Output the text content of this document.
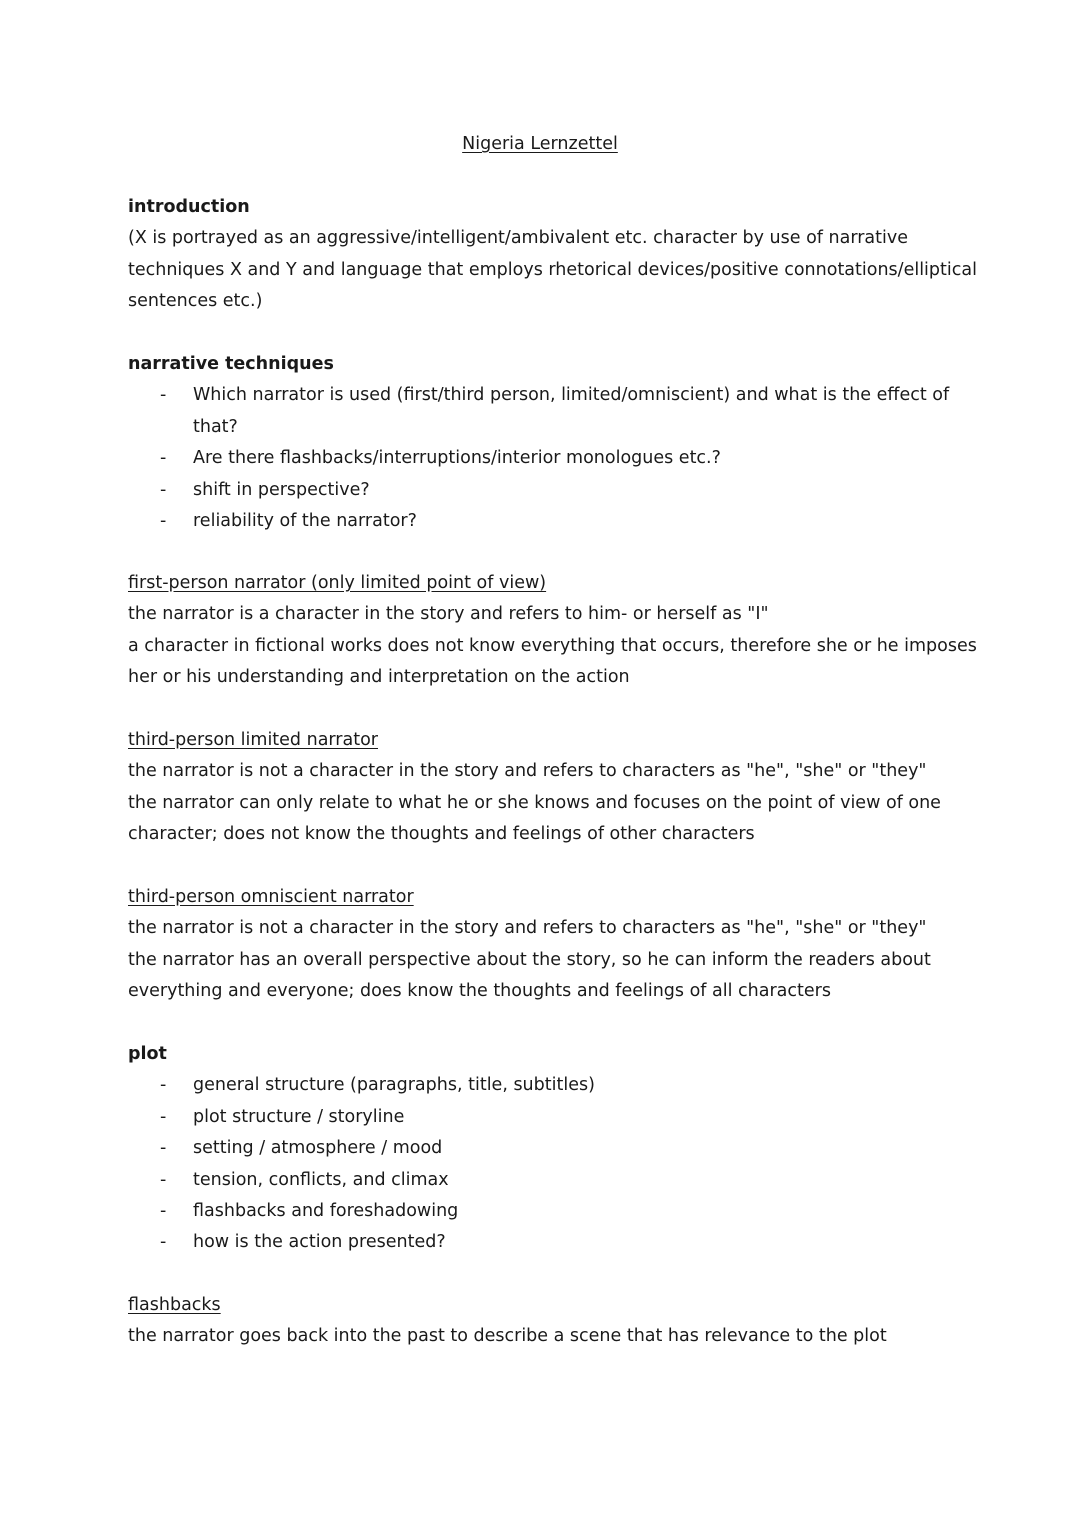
Nigeria Lernzettel
introduction

(X is portrayed as an aggressive/intelligent/ambivalent etc. character by use of narrative
techniques X and Y and language that employs rhetorical devices/positive connotations/elliptical
sentences etc.)

narrative techniques
- Which narrator is used (first/third person, limited/omniscient) and what is the effect of
that?
- Are there flashbacks/interruptions/interior monologues etc.?
- shift in perspective?
- reliability of the narrator?
first-person narrator (only limited point of view)

the narrator is a character in the story and refers to him- or herself as "I"
a character in fictional works does not know everything that occurs, therefore she or he imposes
her or his understanding and interpretation on the action

third-person limited narrator

the narrator is not a character in the story and refers to characters as "he", "she" or "they"
the narrator can only relate to what he or she knows and focuses on the point of view of one
character; does not know the thoughts and feelings of other characters

third-person omniscient narrator

the narrator is not a character in the story and refers to characters as "he", "she" or "they"
the narrator has an overall perspective about the story, so he can inform the readers about
everything and everyone; does know the thoughts and feelings of all characters

plot
- general structure (paragraphs, title, subtitles)
- plot structure / storyline
- setting / atmosphere / mood
- tension, conflicts, and climax
- flashbacks and foreshadowing
- how is the action presented?
flashbacks

the narrator goes back into the past to describe a scene that has relevance to the plot
